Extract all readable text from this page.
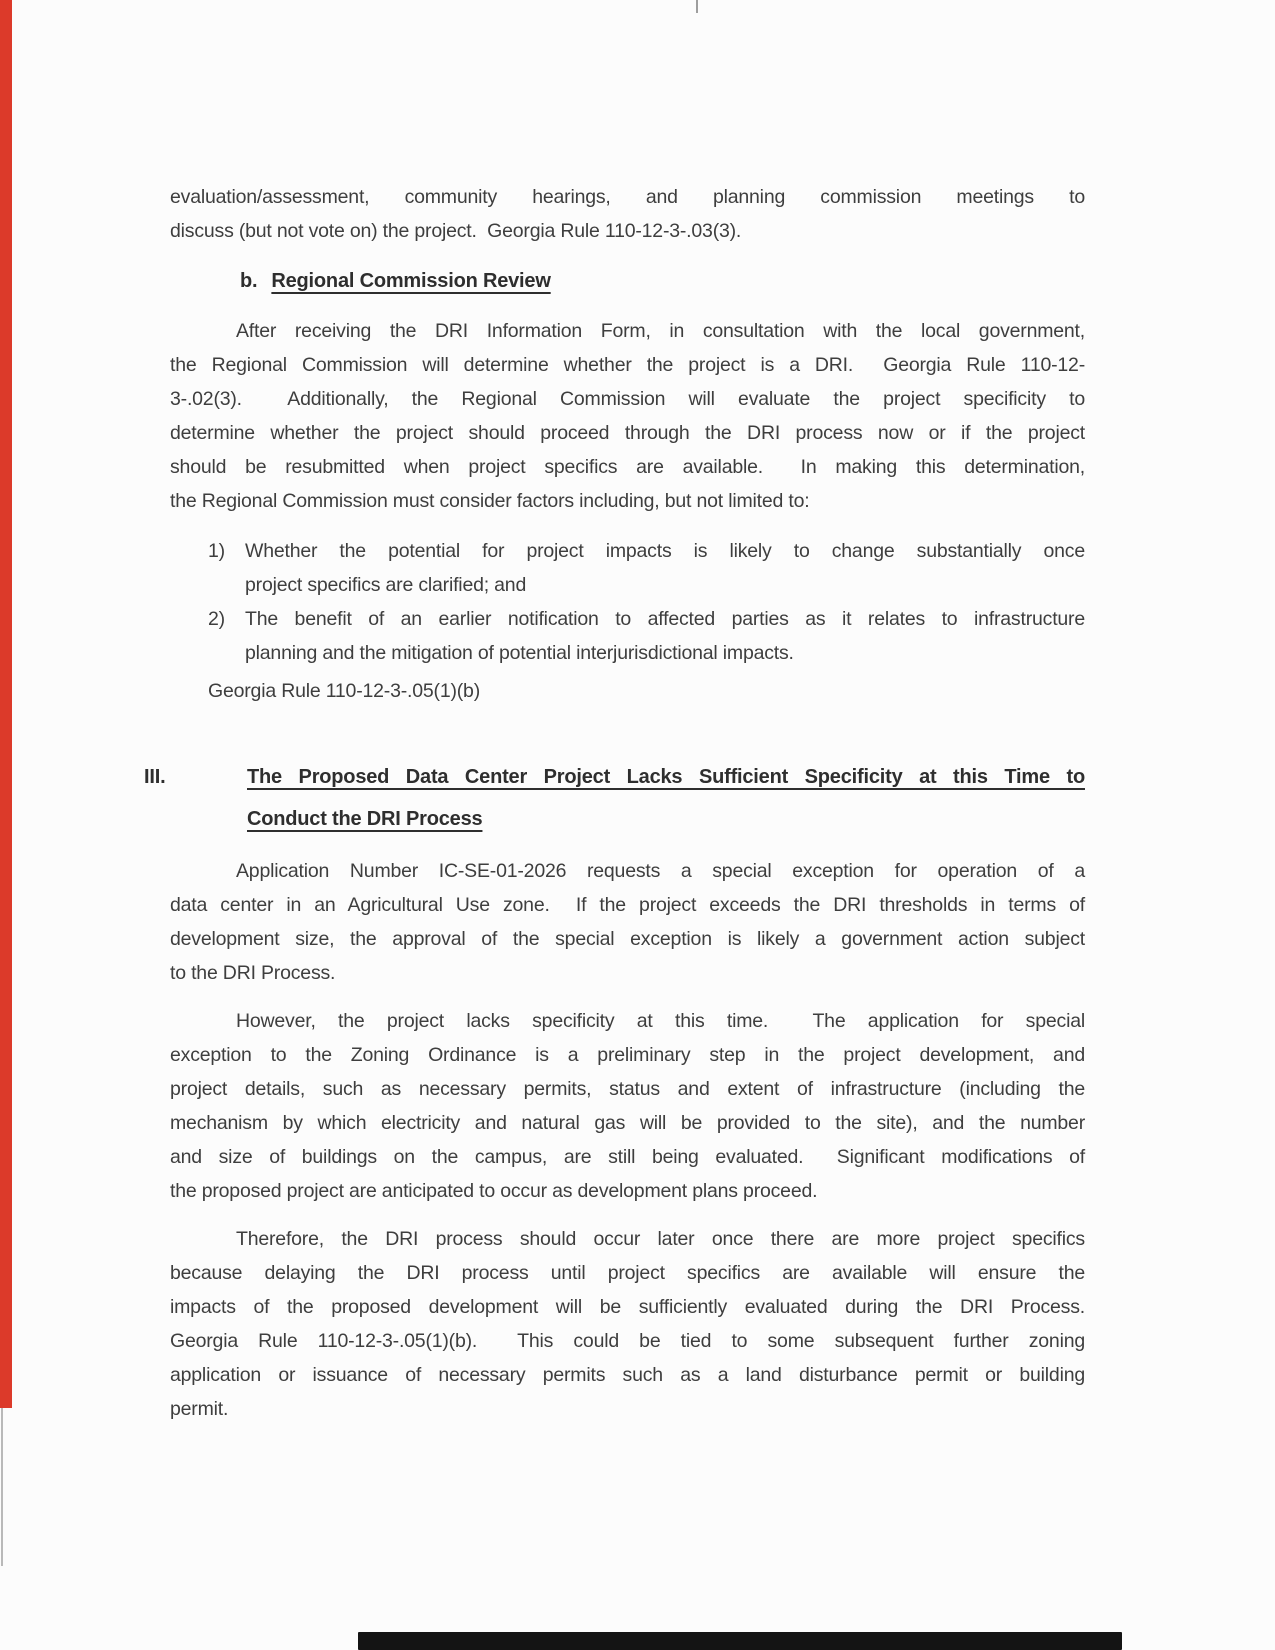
evaluation/assessment, community hearings, and planning commission meetings to
discuss (but not vote on) the project.  Georgia Rule 110-12-3-.03(3).
b. Regional Commission Review
After receiving the DRI Information Form, in consultation with the local government,
the Regional Commission will determine whether the project is a DRI.  Georgia Rule 110-12-
3-.02(3).  Additionally, the Regional Commission will evaluate the project specificity to
determine whether the project should proceed through the DRI process now or if the project
should be resubmitted when project specifics are available.  In making this determination,
the Regional Commission must consider factors including, but not limited to:
1)	Whether the potential for project impacts is likely to change substantially once
project specifics are clarified; and
2)	The benefit of an earlier notification to affected parties as it relates to infrastructure
planning and the mitigation of potential interjurisdictional impacts.
Georgia Rule 110-12-3-.05(1)(b)
III.	The Proposed Data Center Project Lacks Sufficient Specificity at this Time to
Conduct the DRI Process
Application Number IC-SE-01-2026 requests a special exception for operation of a
data center in an Agricultural Use zone.  If the project exceeds the DRI thresholds in terms of
development size, the approval of the special exception is likely a government action subject
to the DRI Process.
However, the project lacks specificity at this time.  The application for special
exception to the Zoning Ordinance is a preliminary step in the project development, and
project details, such as necessary permits, status and extent of infrastructure (including the
mechanism by which electricity and natural gas will be provided to the site), and the number
and size of buildings on the campus, are still being evaluated.  Significant modifications of
the proposed project are anticipated to occur as development plans proceed.
Therefore, the DRI process should occur later once there are more project specifics
because delaying the DRI process until project specifics are available will ensure the
impacts of the proposed development will be sufficiently evaluated during the DRI Process.
Georgia Rule 110-12-3-.05(1)(b).  This could be tied to some subsequent further zoning
application or issuance of necessary permits such as a land disturbance permit or building
permit.
